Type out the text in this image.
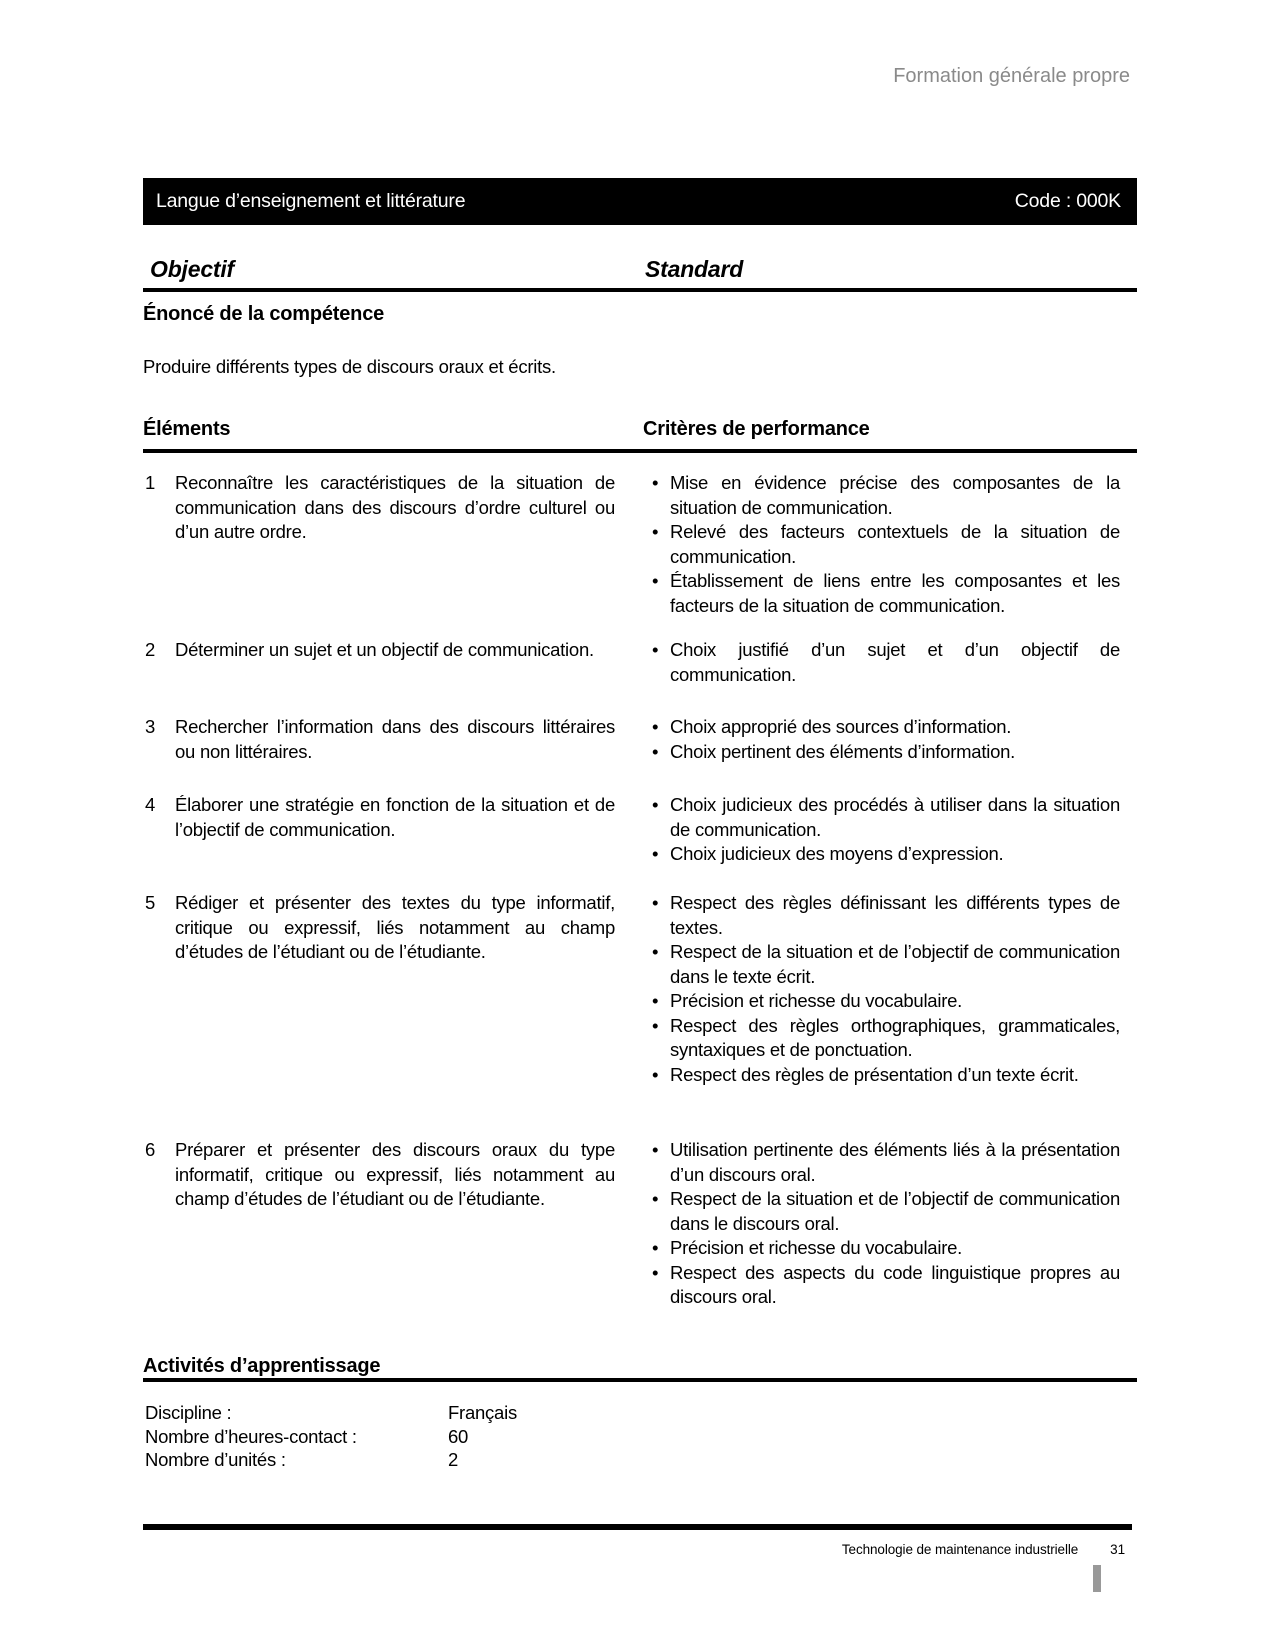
Formation générale propre
Langue d’enseignement et littérature	Code : 000K
Objectif	Standard
Énoncé de la compétence
Produire différents types de discours oraux et écrits.
Éléments	Critères de performance
1	Reconnaître les caractéristiques de la situation de communication dans des discours d’ordre culturel ou d’un autre ordre.
• Mise en évidence précise des composantes de la situation de communication.
• Relevé des facteurs contextuels de la situation de communication.
• Établissement de liens entre les composantes et les facteurs de la situation de communication.
2	Déterminer un sujet et un objectif de communication.	• Choix justifié d’un sujet et d’un objectif de communication.
3	Rechercher l’information dans des discours littéraires ou non littéraires.
• Choix approprié des sources d’information.
• Choix pertinent des éléments d’information.
4	Élaborer une stratégie en fonction de la situation et de l’objectif de communication.
• Choix judicieux des procédés à utiliser dans la situation de communication.
• Choix judicieux des moyens d’expression.
5	Rédiger et présenter des textes du type informatif, critique ou expressif, liés notamment au champ d’études de l’étudiant ou de l’étudiante.
• Respect des règles définissant les différents types de textes.
• Respect de la situation et de l’objectif de communication dans le texte écrit.
• Précision et richesse du vocabulaire.
• Respect des règles orthographiques, grammaticales, syntaxiques et de ponctuation.
• Respect des règles de présentation d’un texte écrit.
6	Préparer et présenter des discours oraux du type informatif, critique ou expressif, liés notamment au champ d’études de l’étudiant ou de l’étudiante.
• Utilisation pertinente des éléments liés à la présentation d’un discours oral.
• Respect de la situation et de l’objectif de communication dans le discours oral.
• Précision et richesse du vocabulaire.
• Respect des aspects du code linguistique propres au discours oral.
Activités d’apprentissage
Discipline :	Français
Nombre d’heures-contact :	60
Nombre d’unités :	2
Technologie de maintenance industrielle 31
